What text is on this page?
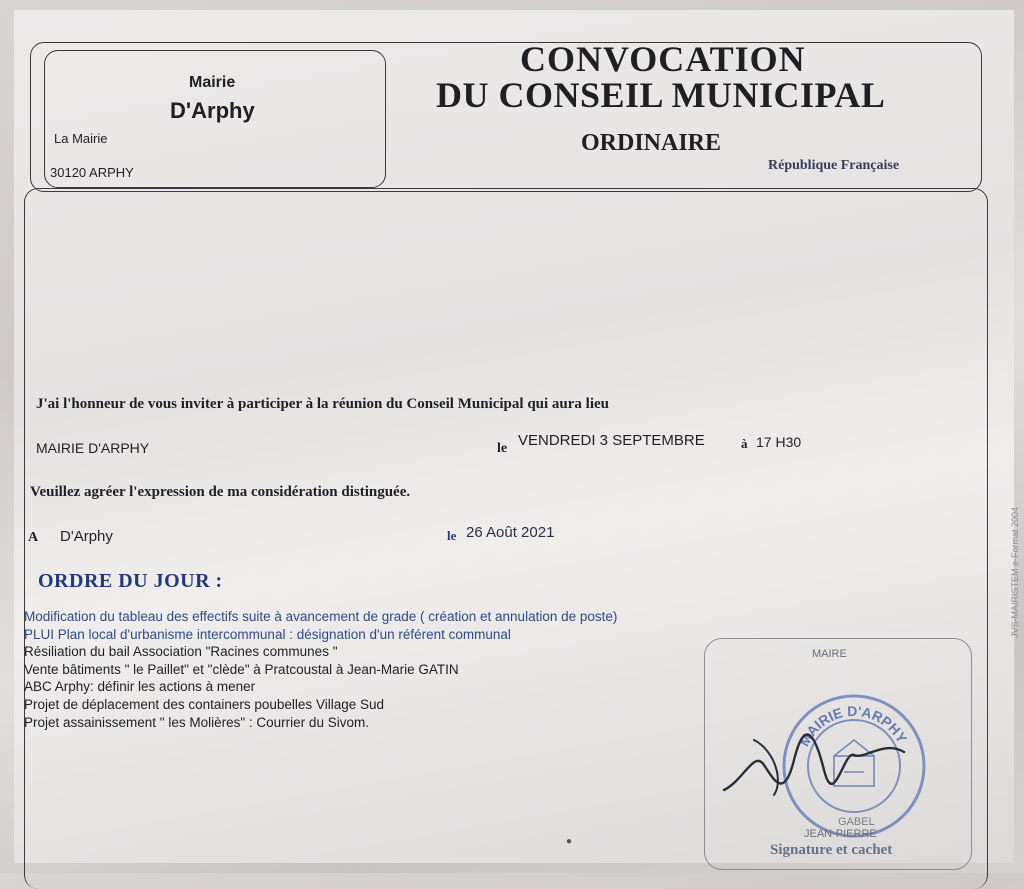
Mairie
D'Arphy
La Mairie
30120 ARPHY
CONVOCATION
DU CONSEIL MUNICIPAL
ORDINAIRE
République Française
J'ai l'honneur de vous inviter à participer à la réunion du Conseil Municipal qui aura lieu
MAIRIE D'ARPHY	le VENDREDI 3 SEPTEMBRE	à 17 H30
Veuillez agréer l'expression de ma considération distinguée.
A D'Arphy	le 26 Août 2021
ORDRE DU JOUR :
Modification du tableau des effectifs suite à avancement de grade ( création et annulation de poste)
PLUI Plan local d'urbanisme intercommunal : désignation d'un référent communal
Résiliation du bail Association "Racines communes "
Vente bâtiments " le Paillet" et "clède" à Pratcoustal à Jean-Marie GATIN
ABC Arphy: définir les actions à mener
Projet de déplacement des containers poubelles Village Sud
Projet assainissement " les Molières" : Courrier du Sivom.
●
MAIRE
MAIRIE D'ARPHY
GABEL
JEAN-PIERRE
Signature et cachet
JVS-MAIRISTEM e-Format 2004
